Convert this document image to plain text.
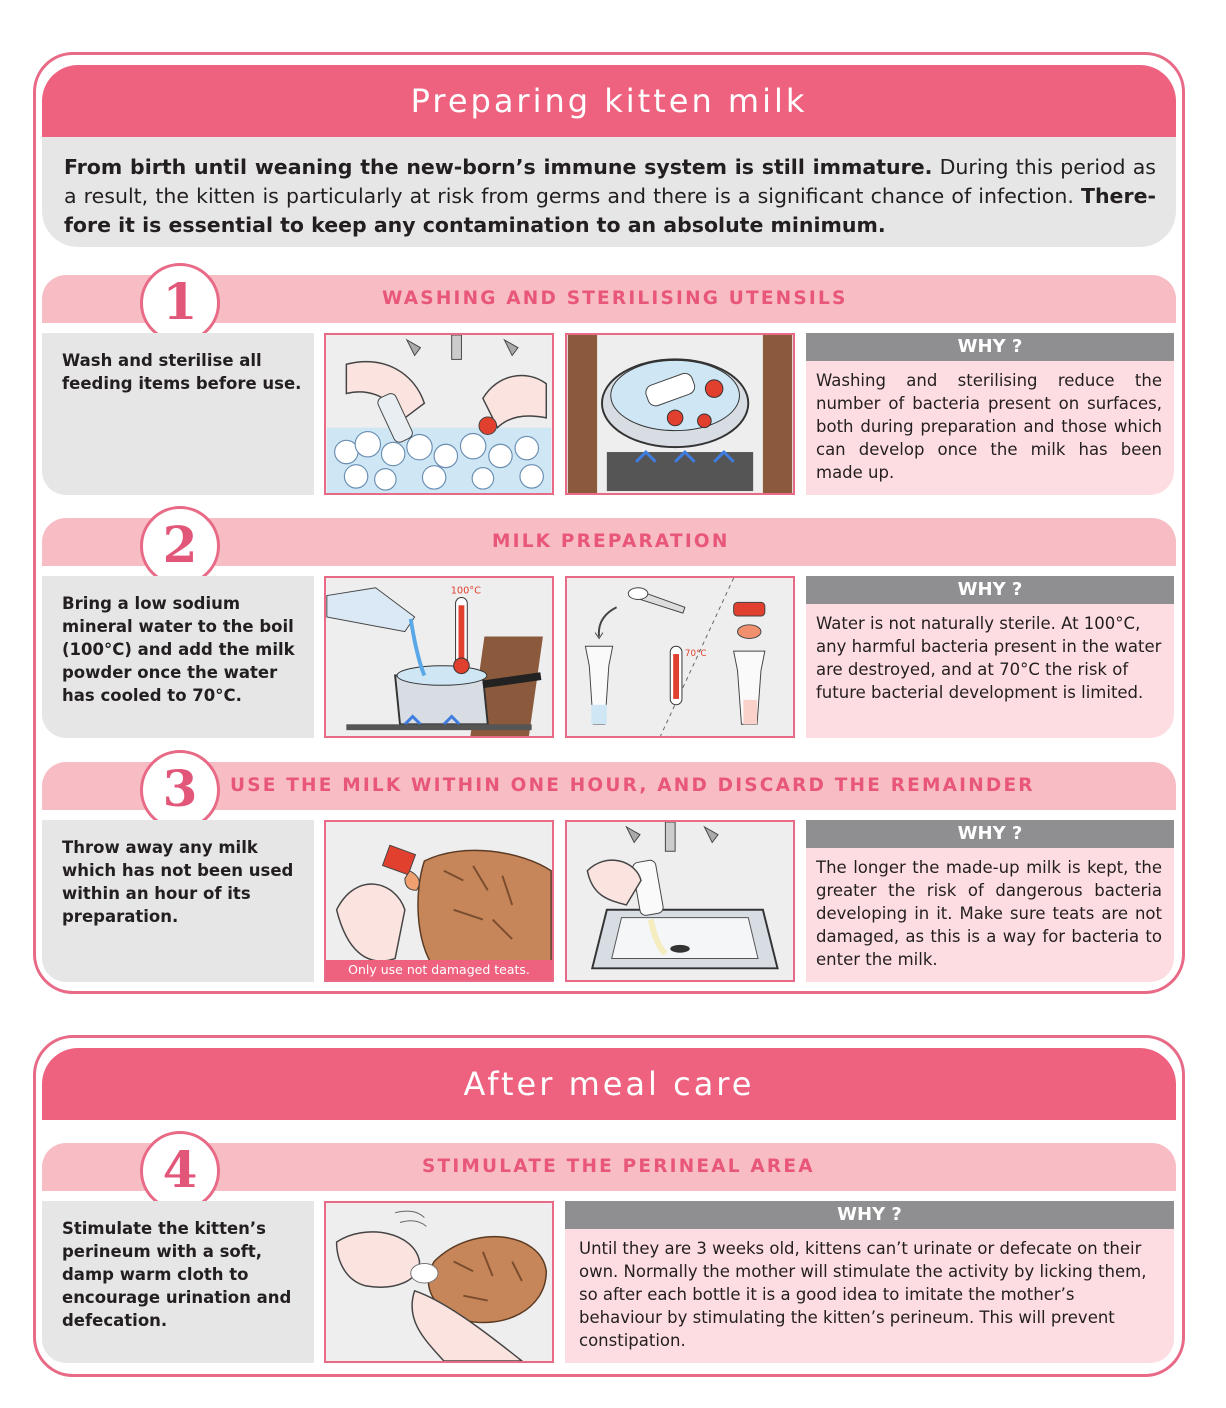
Preparing kitten milk
From birth until weaning the new-born’s immune system is still immature. During this period as a result, the kitten is particularly at risk from germs and there is a significant chance of infection. There-fore it is essential to keep any contamination to an absolute minimum.
1	WASHING AND STERILISING UTENSILS
Wash and sterilise all feeding items before use.
WHY ?
Washing and sterilising reduce the number of bacteria present on surfaces, both during preparation and those which can develop once the milk has been made up.
2	MILK PREPARATION
Bring a low sodium mineral water to the boil (100°C) and add the milk powder once the water has cooled to 70°C.
100°C
70°C
WHY ?
Water is not naturally sterile. At 100°C, any harmful bacteria present in the water are destroyed, and at 70°C the risk of future bacterial development is limited.
3	USE THE MILK WITHIN ONE HOUR, AND DISCARD THE REMAINDER
Throw away any milk which has not been used within an hour of its preparation.
Only use not damaged teats.
WHY ?
The longer the made-up milk is kept, the greater the risk of dangerous bacteria developing in it. Make sure teats are not damaged, as this is a way for bacteria to enter the milk.
After meal care
4	STIMULATE THE PERINEAL AREA
Stimulate the kitten’s perineum with a soft, damp warm cloth to encourage urination and defecation.
WHY ?
Until they are 3 weeks old, kittens can’t urinate or defecate on their own. Normally the mother will stimulate the activity by licking them, so after each bottle it is a good idea to imitate the mother’s behaviour by stimulating the kitten’s perineum. This will prevent constipation.
